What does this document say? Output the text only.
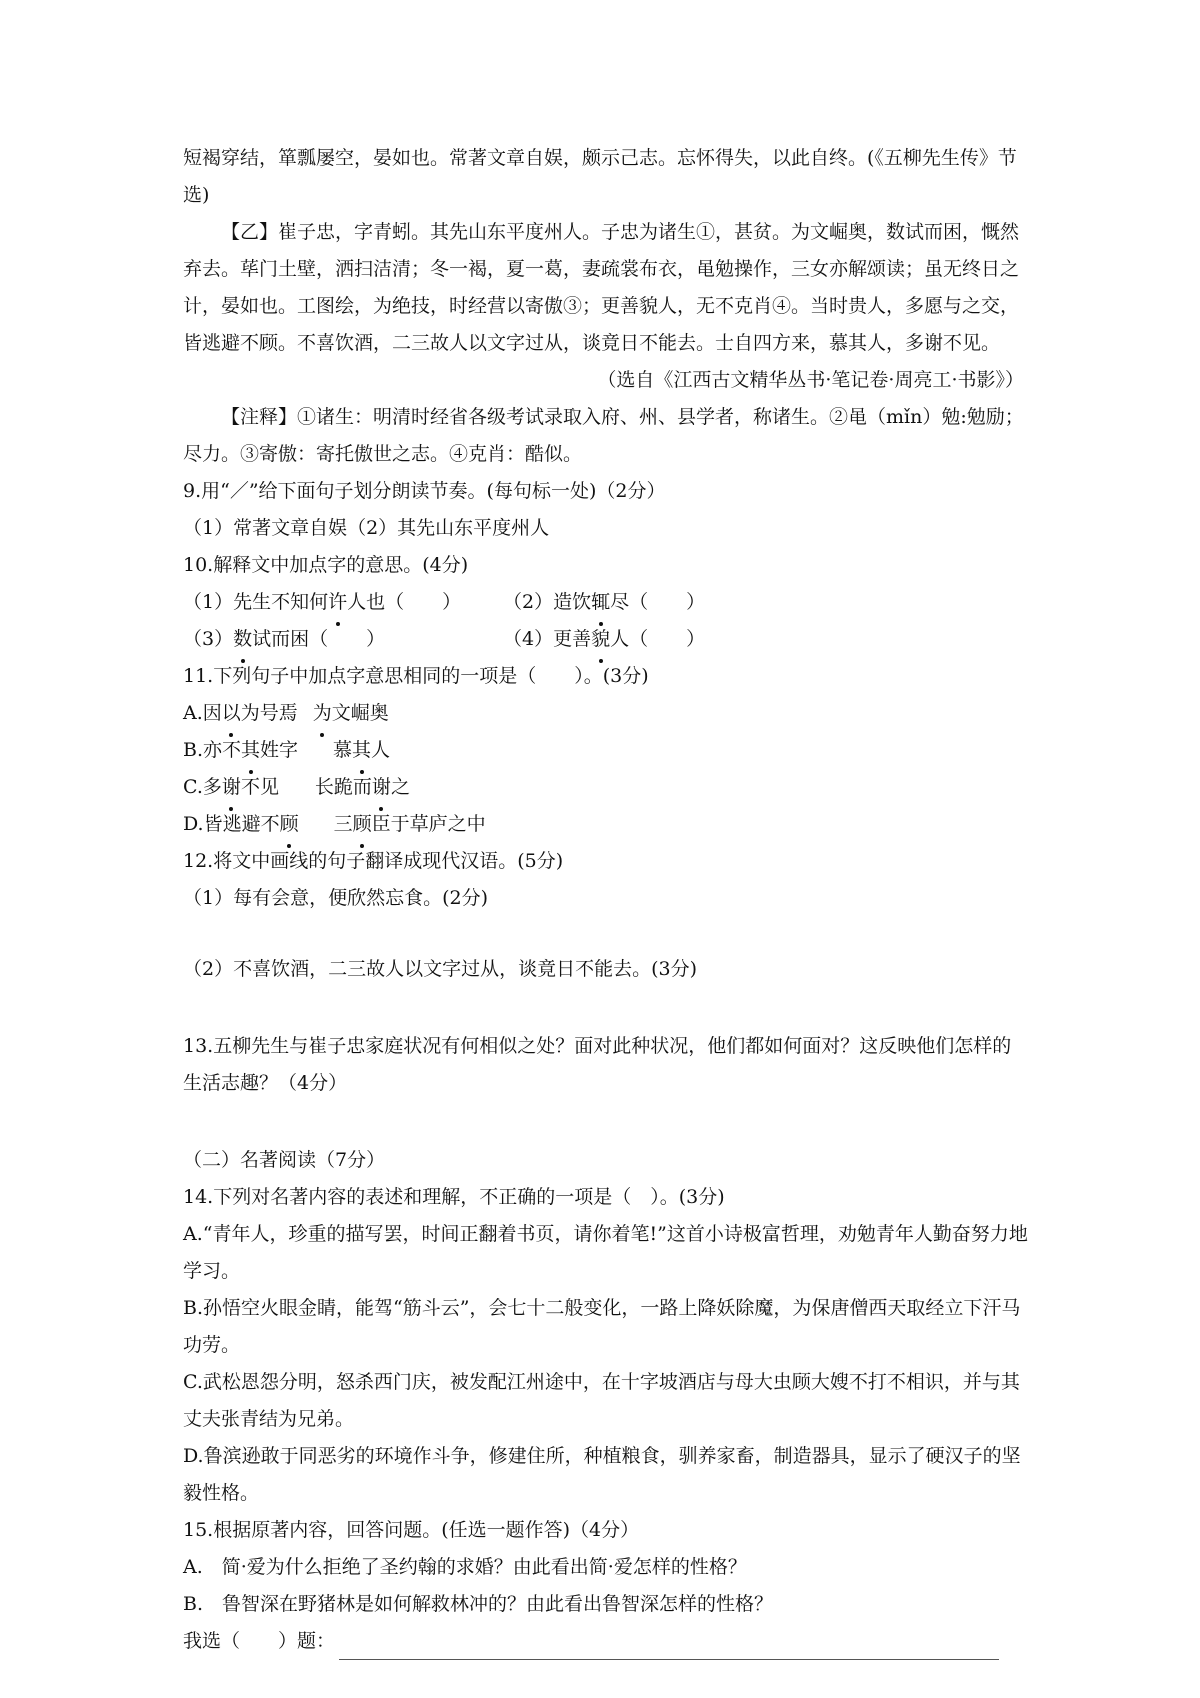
短褐穿结，箪瓢屡空，晏如也。常著文章自娱，颇示己志。忘怀得失，以此自终。(《五柳先生传》节选)

【乙】崔子忠，字青蚓。其先山东平度州人。子忠为诸生①，甚贫。为文崛奥，数试而困，慨然弃去。荜门土壁，洒扫洁清；冬一褐，夏一葛，妻疏裳布衣，黾勉操作，三女亦解颂读；虽无终日之计，晏如也。工图绘，为绝技，时经营以寄傲③；更善貌人，无不克肖④。当时贵人，多愿与之交，皆逃避不顾。不喜饮酒，二三故人以文字过从，谈竟日不能去。士自四方来，慕其人，多谢不见。

（选自《江西古文精华丛书·笔记卷·周亮工·书影》）

【注释】①诸生：明清时经省各级考试录取入府、州、县学者，称诸生。②黾（mǐn）勉:勉励；尽力。③寄傲：寄托傲世之志。④克肖：酷似。

9.用“／”给下面句子划分朗读节奏。(每句标一处)（2分）

（1）常著文章自娱（2）其先山东平度州人

10.解释文中加点字的意思。(4分)

（1）先生不知何许人也（　　）	（2）造饮辄尽（　　）
（3）数试而困（　　）	（4）更善貌人（　　）

11.下列句子中加点字意思相同的一项是（　　）。(3分)

A. 因以为号焉 为文崛奥
B. 亦不其姓字	慕其人
C. 多谢不见	长跪而谢之
D. 皆逃避不顾	三顾臣于草庐之中

12.将文中画线的句子翻译成现代汉语。(5分)

（1）每有会意，便欣然忘食。(2分)

（2）不喜饮酒，二三故人以文字过从，谈竟日不能去。(3分)

13.五柳先生与崔子忠家庭状况有何相似之处？面对此种状况，他们都如何面对？这反映他们怎样的生活志趣？（4分）

（二）名著阅读（7分）

14.下列对名著内容的表述和理解，不正确的一项是（　）。(3分)

A.“青年人，珍重的描写罢，时间正翻着书页，请你着笔!”这首小诗极富哲理，劝勉青年人勤奋努力地学习。

B.孙悟空火眼金睛，能驾“筋斗云”，会七十二般变化，一路上降妖除魔，为保唐僧西天取经立下汗马功劳。

C.武松恩怨分明，怒杀西门庆，被发配江州途中，在十字坡酒店与母大虫顾大嫂不打不相识，并与其丈夫张青结为兄弟。

D.鲁滨逊敢于同恶劣的环境作斗争，修建住所，种植粮食，驯养家畜，制造器具，显示了硬汉子的坚毅性格。

15.根据原著内容，回答问题。(任选一题作答)（4分）

A.　简·爱为什么拒绝了圣约翰的求婚？由此看出简·爱怎样的性格？

B.　鲁智深在野猪林是如何解救林冲的？由此看出鲁智深怎样的性格？

我选（　　）题：
